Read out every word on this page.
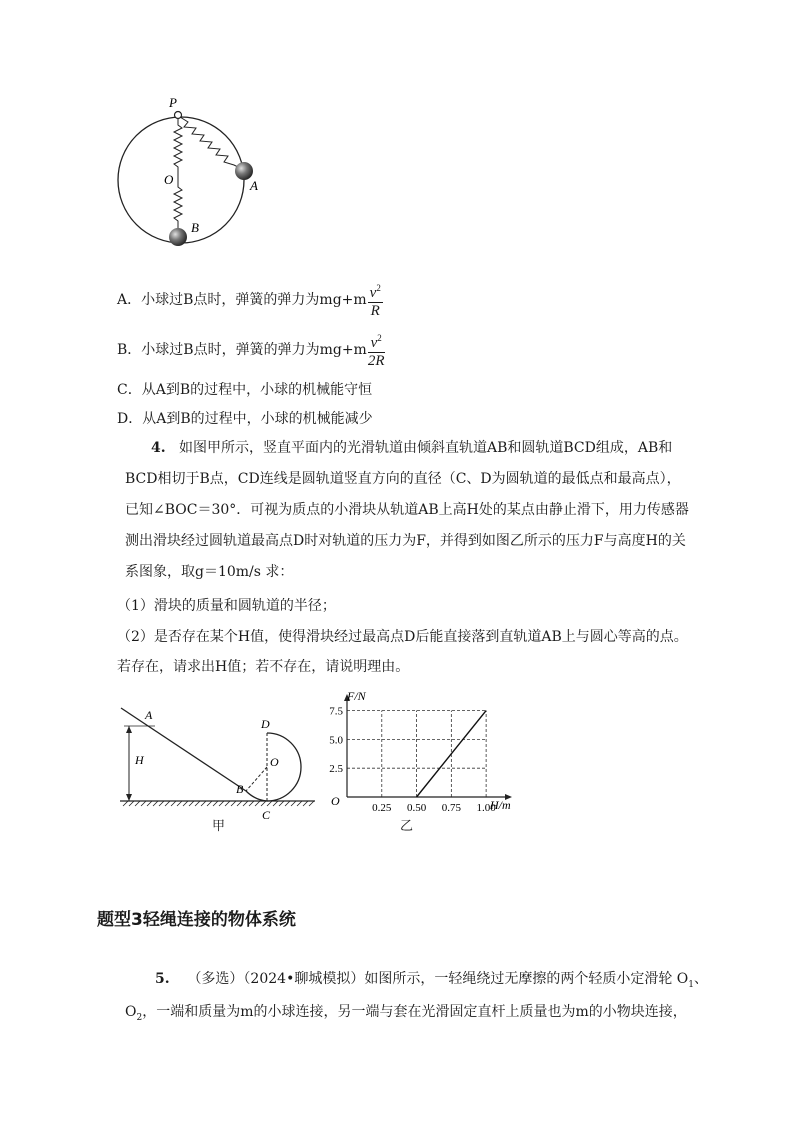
P
O	A
B
A．小球过B点时，弹簧的弹力为$mg+m \frac{v^2}{R}$
B．小球过B点时，弹簧的弹力为$mg+m \frac{v^2}{2R}$
C．从A到B的过程中，小球的机械能守恒
D．从A到B的过程中，小球的机械能减少
4. 如图甲所示，竖直平面内的光滑轨道由倾斜直轨道AB和圆轨道BCD组成，AB和
BCD相切于B点，CD连线是圆轨道竖直方向的直径（C、D为圆轨道的最低点和最高点），
已知∠BOC＝30°．可视为质点的小滑块从轨道AB上高H处的某点由静止滑下，用力传感器
测出滑块经过圆轨道最高点D时对轨道的压力为F，并得到如图乙所示的压力F与高度H的关
系图象，取g＝10m/s 求：
（1）滑块的质量和圆轨道的半径；
（2）是否存在某个H值，使得滑块经过最高点D后能直接落到直轨道AB上与圆心等高的点。
若存在，请求出H值；若不存在，请说明理由。
A
H
D
O
B
C
甲
0.25 0.50 0.75 1.00
2.5
5.0
7.5
F/N
H/m
O
乙
题型3轻绳连接的物体系统
5. （多选）（2024•聊城模拟）如图所示，一轻绳绕过无摩擦的两个轻质小定滑轮 $O_1$、
$O_2$，一端和质量为m的小球连接，另一端与套在光滑固定直杆上质量也为m的小物块连接，
